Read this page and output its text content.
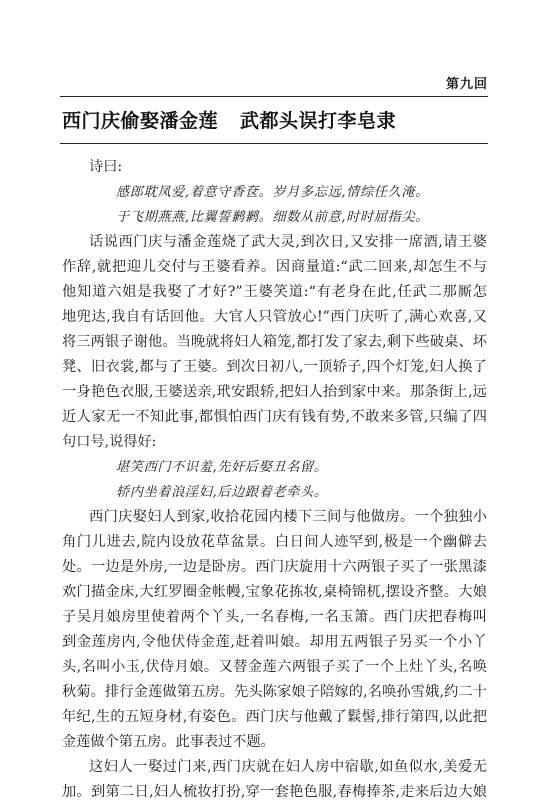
第九回
西门庆偷娶潘金莲 武都头误打李皂隶
诗曰:
感郎耽凤爱,着意守香奁。岁月多忘远,情综任久淹。
于飞期燕燕,比翼誓鹣鹣。细数从前意,时时屈指尖。
话说西门庆与潘金莲烧了武大灵,到次日,又安排一席酒,请王婆
作辞,就把迎儿交付与王婆看养。因商量道:“武二回来,却怎生不与
他知道六姐是我娶了才好?”王婆笑道:“有老身在此,任武二那厮怎
地兜达,我自有话回他。大官人只管放心!”西门庆听了,满心欢喜,又
将三两银子谢他。当晚就将妇人箱笼,都打发了家去,剩下些破桌、坏
凳、旧衣裳,都与了王婆。到次日初八,一顶轿子,四个灯笼,妇人换了
一身艳色衣服,王婆送亲,玳安跟轿,把妇人抬到家中来。那条街上,远
近人家无一不知此事,都惧怕西门庆有钱有势,不敢来多管,只编了四
句口号,说得好:
堪笑西门不识羞,先奸后娶丑名留。
轿内坐着浪淫妇,后边跟着老牵头。
西门庆娶妇人到家,收拾花园内楼下三间与他做房。一个独独小
角门儿进去,院内设放花草盆景。白日间人迹罕到,极是一个幽僻去
处。一边是外房,一边是卧房。西门庆旋用十六两银子买了一张黑漆
欢门描金床,大红罗圈金帐幔,宝象花拣妆,桌椅锦杌,摆设齐整。大娘
子吴月娘房里使着两个丫头,一名春梅,一名玉箫。西门庆把春梅叫
到金莲房内,令他伏侍金莲,赶着叫娘。却用五两银子另买一个小丫
头,名叫小玉,伏侍月娘。又替金莲六两银子买了一个上灶丫头,名唤
秋菊。排行金莲做第五房。先头陈家娘子陪嫁的,名唤孙雪娥,约二十
年纪,生的五短身材,有姿色。西门庆与他戴了鬏髻,排行第四,以此把
金莲做个第五房。此事表过不题。
这妇人一娶过门来,西门庆就在妇人房中宿歇,如鱼似水,美爱无
加。到第二日,妇人梳妆打扮,穿一套艳色服,春梅捧茶,走来后边大娘
